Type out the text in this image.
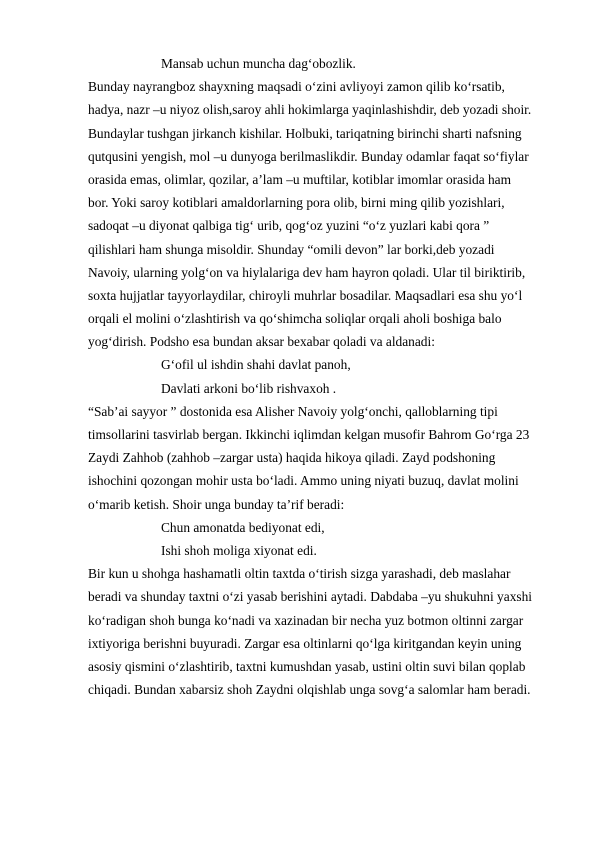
Mansab uchun muncha dag‘obozlik.
Bunday nayrangboz shayxning maqsadi o‘zini avliyoyi zamon qilib ko‘rsatib,
hadya, nazr –u niyoz olish,saroy ahli hokimlarga yaqinlashishdir, deb yozadi shoir.
Bundaylar tushgan jirkanch kishilar. Holbuki, tariqatning birinchi sharti nafsning
qutqusini yengish, mol –u dunyoga berilmaslikdir. Bunday odamlar faqat so‘fiylar
orasida emas, olimlar, qozilar, a’lam –u muftilar, kotiblar imomlar orasida ham
bor. Yoki saroy kotiblari amaldorlarning pora olib, birni ming qilib yozishlari,
sadoqat –u diyonat qalbiga tig‘ urib, qog‘oz yuzini “o‘z yuzlari kabi qora ”
qilishlari ham shunga misoldir. Shunday “omili devon” lar borki,deb yozadi
Navoiy, ularning yolg‘on va hiylalariga dev ham hayron qoladi. Ular til biriktirib,
soxta hujjatlar tayyorlaydilar, chiroyli muhrlar bosadilar. Maqsadlari esa shu yo‘l
orqali el molini o‘zlashtirish va qo‘shimcha soliqlar orqali aholi boshiga balo
yog‘dirish. Podsho esa bundan aksar bexabar qoladi va aldanadi:
G‘ofil ul ishdin shahi davlat panoh,
Davlati arkoni bo‘lib rishvaxoh .
“Sab’ai sayyor ” dostonida esa Alisher Navoiy yolg‘onchi, qalloblarning tipi
timsollarini tasvirlab bergan. Ikkinchi iqlimdan kelgan musofir Bahrom Go‘rga 23
Zaydi Zahhob (zahhob –zargar usta) haqida hikoya qiladi. Zayd podshoning
ishochini qozongan mohir usta bo‘ladi. Ammo uning niyati buzuq, davlat molini
o‘marib ketish. Shoir unga bunday ta’rif beradi:
Chun amonatda bediyonat edi,
Ishi shoh moliga xiyonat edi.
Bir kun u shohga hashamatli oltin taxtda o‘tirish sizga yarashadi, deb maslahar
beradi va shunday taxtni o‘zi yasab berishini aytadi. Dabdaba –yu shukuhni yaxshi
ko‘radigan shoh bunga ko‘nadi va xazinadan bir necha yuz botmon oltinni zargar
ixtiyoriga berishni buyuradi. Zargar esa oltinlarni qo‘lga kiritgandan keyin uning
asosiy qismini o‘zlashtirib, taxtni kumushdan yasab, ustini oltin suvi bilan qoplab
chiqadi. Bundan xabarsiz shoh Zaydni olqishlab unga sovg‘a salomlar ham beradi.
